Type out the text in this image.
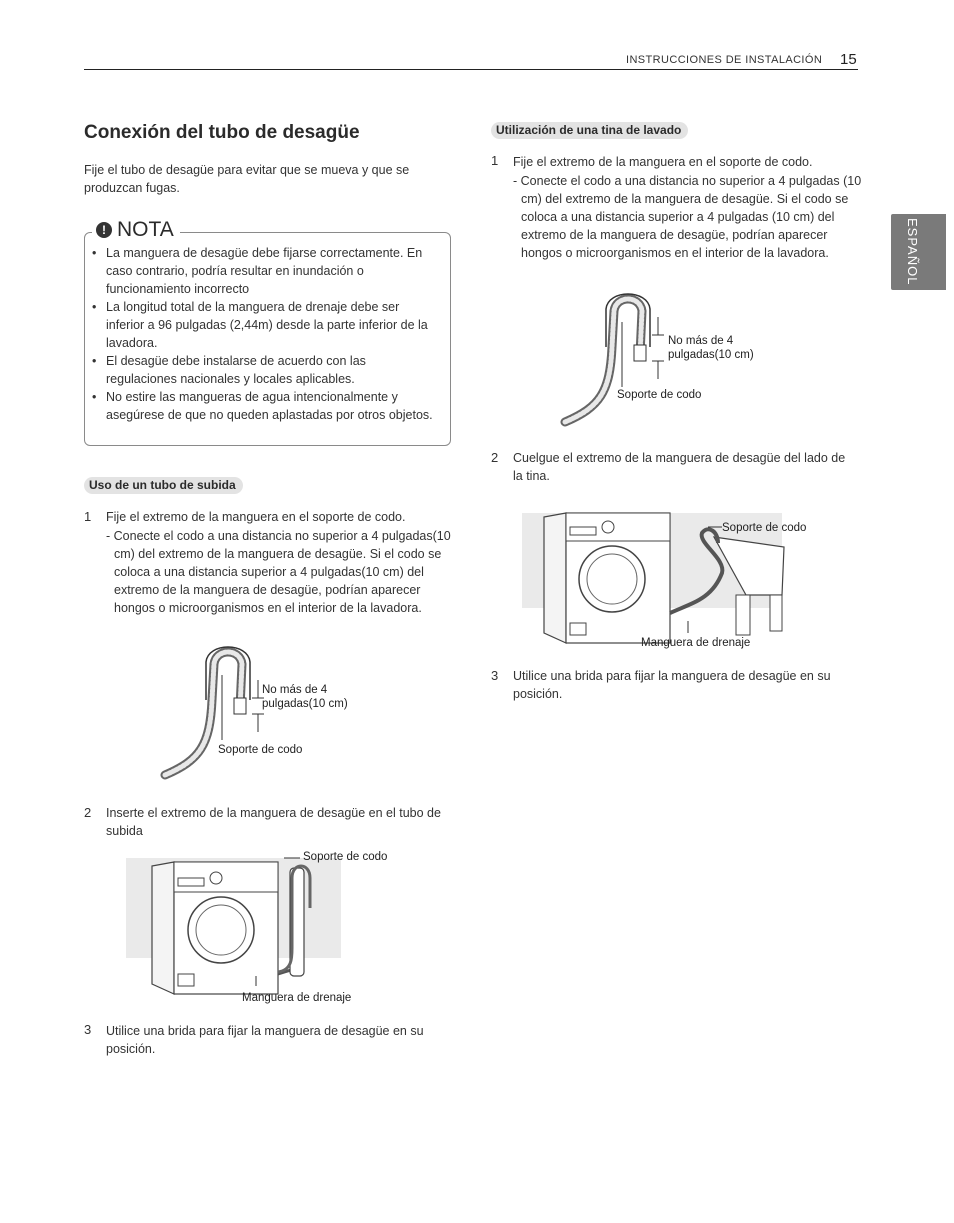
INSTRUCCIONES DE INSTALACIÓN 15
ESPAÑOL
Conexión del tubo de desagüe
Fije el tubo de desagüe para evitar que se mueva y que se produzcan fugas.
! NOTA
• La manguera de desagüe debe fijarse correctamente. En caso contrario, podría resultar en inundación o funcionamiento incorrecto
• La longitud total de la manguera de drenaje debe ser inferior a 96 pulgadas (2,44m) desde la parte inferior de la lavadora.
• El desagüe debe instalarse de acuerdo con las regulaciones nacionales y locales aplicables.
• No estire las mangueras de agua intencionalmente y asegúrese de que no queden aplastadas por otros objetos.
Uso de un tubo de subida
1 Fije el extremo de la manguera en el soporte de codo.
- Conecte el codo a una distancia no superior a 4 pulgadas(10 cm) del extremo de la manguera de desagüe. Si el codo se coloca a una distancia superior a 4 pulgadas(10 cm) del extremo de la manguera de desagüe, podrían aparecer hongos o microorganismos en el interior de la lavadora.
No más de 4
pulgadas(10 cm)
Soporte de codo
2 Inserte el extremo de la manguera de desagüe en el tubo de subida
Soporte de codo
Manguera de drenaje
3 Utilice una brida para fijar la manguera de desagüe en su posición.
Utilización de una tina de lavado
1 Fije el extremo de la manguera en el soporte de codo.
- Conecte el codo a una distancia no superior a 4 pulgadas (10 cm) del extremo de la manguera de desagüe. Si el codo se coloca a una distancia superior a 4 pulgadas (10 cm) del extremo de la manguera de desagüe, podrían aparecer hongos o microorganismos en el interior de la lavadora.
No más de 4
pulgadas(10 cm)
Soporte de codo
2 Cuelgue el extremo de la manguera de desagüe del lado de la tina.
Soporte de codo
Manguera de drenaje
3 Utilice una brida para fijar la manguera de desagüe en su posición.
